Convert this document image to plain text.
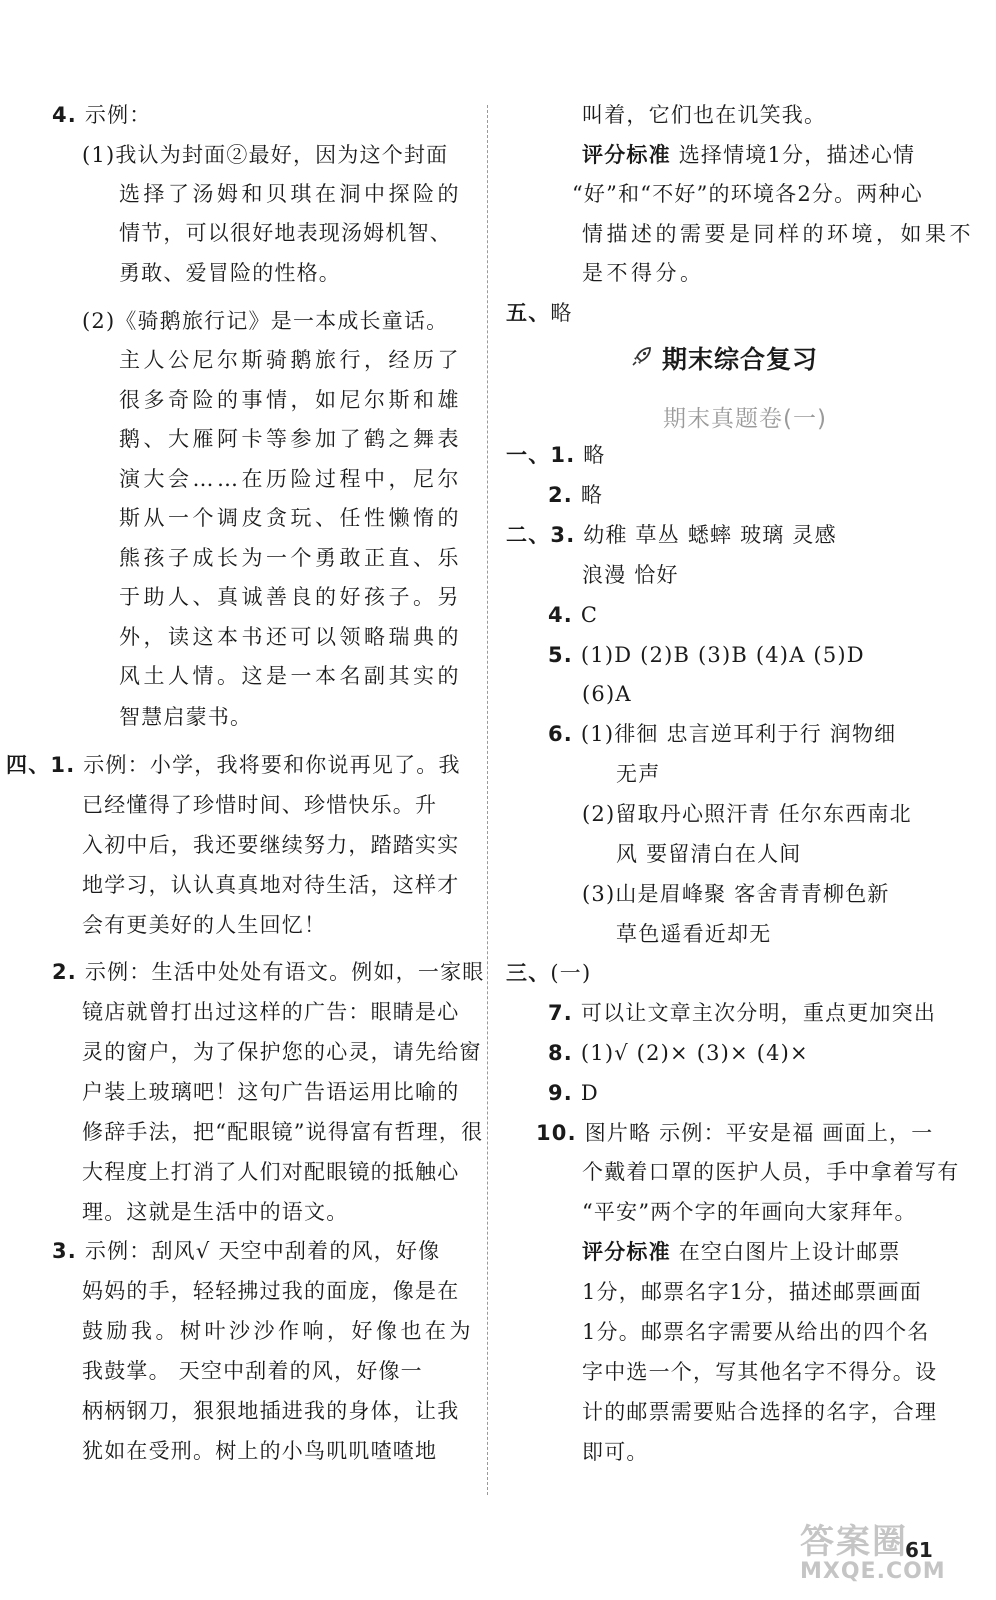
4. 示例：
(1)我认为封面②最好，因为这个封面
选择了汤姆和贝琪在洞中探险的
情节，可以很好地表现汤姆机智、
勇敢、爱冒险的性格。
(2)《骑鹅旅行记》是一本成长童话。
主人公尼尔斯骑鹅旅行，经历了
很多奇险的事情，如尼尔斯和雄
鹅、大雁阿卡等参加了鹤之舞表
演大会……在历险过程中，尼尔
斯从一个调皮贪玩、任性懒惰的
熊孩子成长为一个勇敢正直、乐
于助人、真诚善良的好孩子。另
外，读这本书还可以领略瑞典的
风土人情。这是一本名副其实的
智慧启蒙书。
四、1. 示例：小学，我将要和你说再见了。我
已经懂得了珍惜时间、珍惜快乐。升
入初中后，我还要继续努力，踏踏实实
地学习，认认真真地对待生活，这样才
会有更美好的人生回忆！
2. 示例：生活中处处有语文。例如，一家眼
镜店就曾打出过这样的广告：眼睛是心
灵的窗户，为了保护您的心灵，请先给窗
户装上玻璃吧！这句广告语运用比喻的
修辞手法，把“配眼镜”说得富有哲理，很
大程度上打消了人们对配眼镜的抵触心
理。这就是生活中的语文。
3. 示例：刮风√ 天空中刮着的风，好像
妈妈的手，轻轻拂过我的面庞，像是在
鼓励我。树叶沙沙作响，好像也在为
我鼓掌。 天空中刮着的风，好像一
柄柄钢刀，狠狠地插进我的身体，让我
犹如在受刑。树上的小鸟叽叽喳喳地
叫着，它们也在讥笑我。
评分标准 选择情境1分，描述心情
“好”和“不好”的环境各2分。两种心
情描述的需要是同样的环境，如果不
是不得分。
五、略
期末综合复习
期末真题卷(一)
一、1. 略
2. 略
二、3. 幼稚 草丛 蟋蟀 玻璃 灵感
浪漫 恰好
4. C
5. (1)D (2)B (3)B (4)A (5)D
(6)A
6. (1)徘徊 忠言逆耳利于行 润物细
无声
(2)留取丹心照汗青 任尔东西南北
风 要留清白在人间
(3)山是眉峰聚 客舍青青柳色新
草色遥看近却无
三、(一)
7. 可以让文章主次分明，重点更加突出
8. (1)√ (2)× (3)× (4)×
9. D
10. 图片略 示例：平安是福 画面上，一
个戴着口罩的医护人员，手中拿着写有
“平安”两个字的年画向大家拜年。
评分标准 在空白图片上设计邮票
1分，邮票名字1分，描述邮票画面
1分。邮票名字需要从给出的四个名
字中选一个，写其他名字不得分。设
计的邮票需要贴合选择的名字，合理
即可。
答案圈
MXQE.COM
61
